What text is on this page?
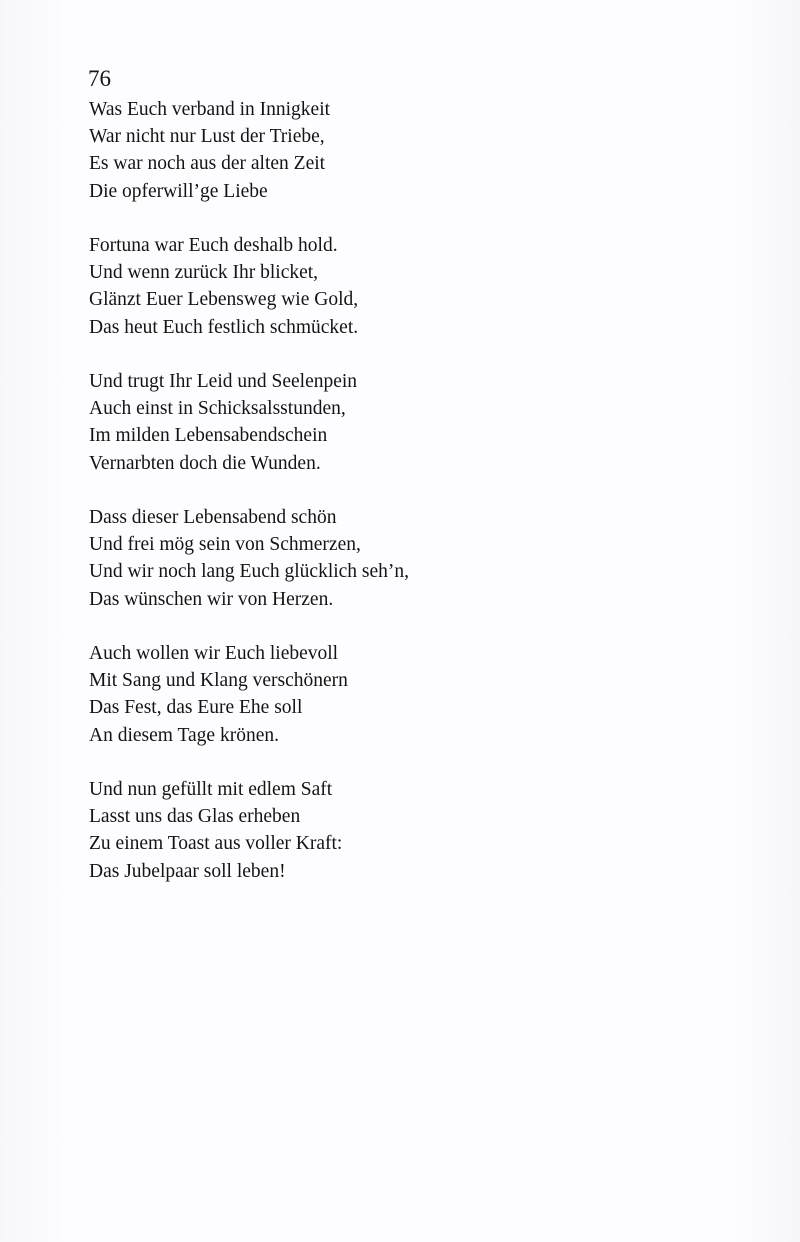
76
Was Euch verband in Innigkeit
War nicht nur Lust der Triebe,
Es war noch aus der alten Zeit
Die opferwill’ge Liebe
Fortuna war Euch deshalb hold.
Und wenn zurück Ihr blicket,
Glänzt Euer Lebensweg wie Gold,
Das heut Euch festlich schmücket.
Und trugt Ihr Leid und Seelenpein
Auch einst in Schicksalsstunden,
Im milden Lebensabendschein
Vernarbten doch die Wunden.
Dass dieser Lebensabend schön
Und frei mög sein von Schmerzen,
Und wir noch lang Euch glücklich seh’n,
Das wünschen wir von Herzen.
Auch wollen wir Euch liebevoll
Mit Sang und Klang verschönern
Das Fest, das Eure Ehe soll
An diesem Tage krönen.
Und nun gefüllt mit edlem Saft
Lasst uns das Glas erheben
Zu einem Toast aus voller Kraft:
Das Jubelpaar soll leben!
